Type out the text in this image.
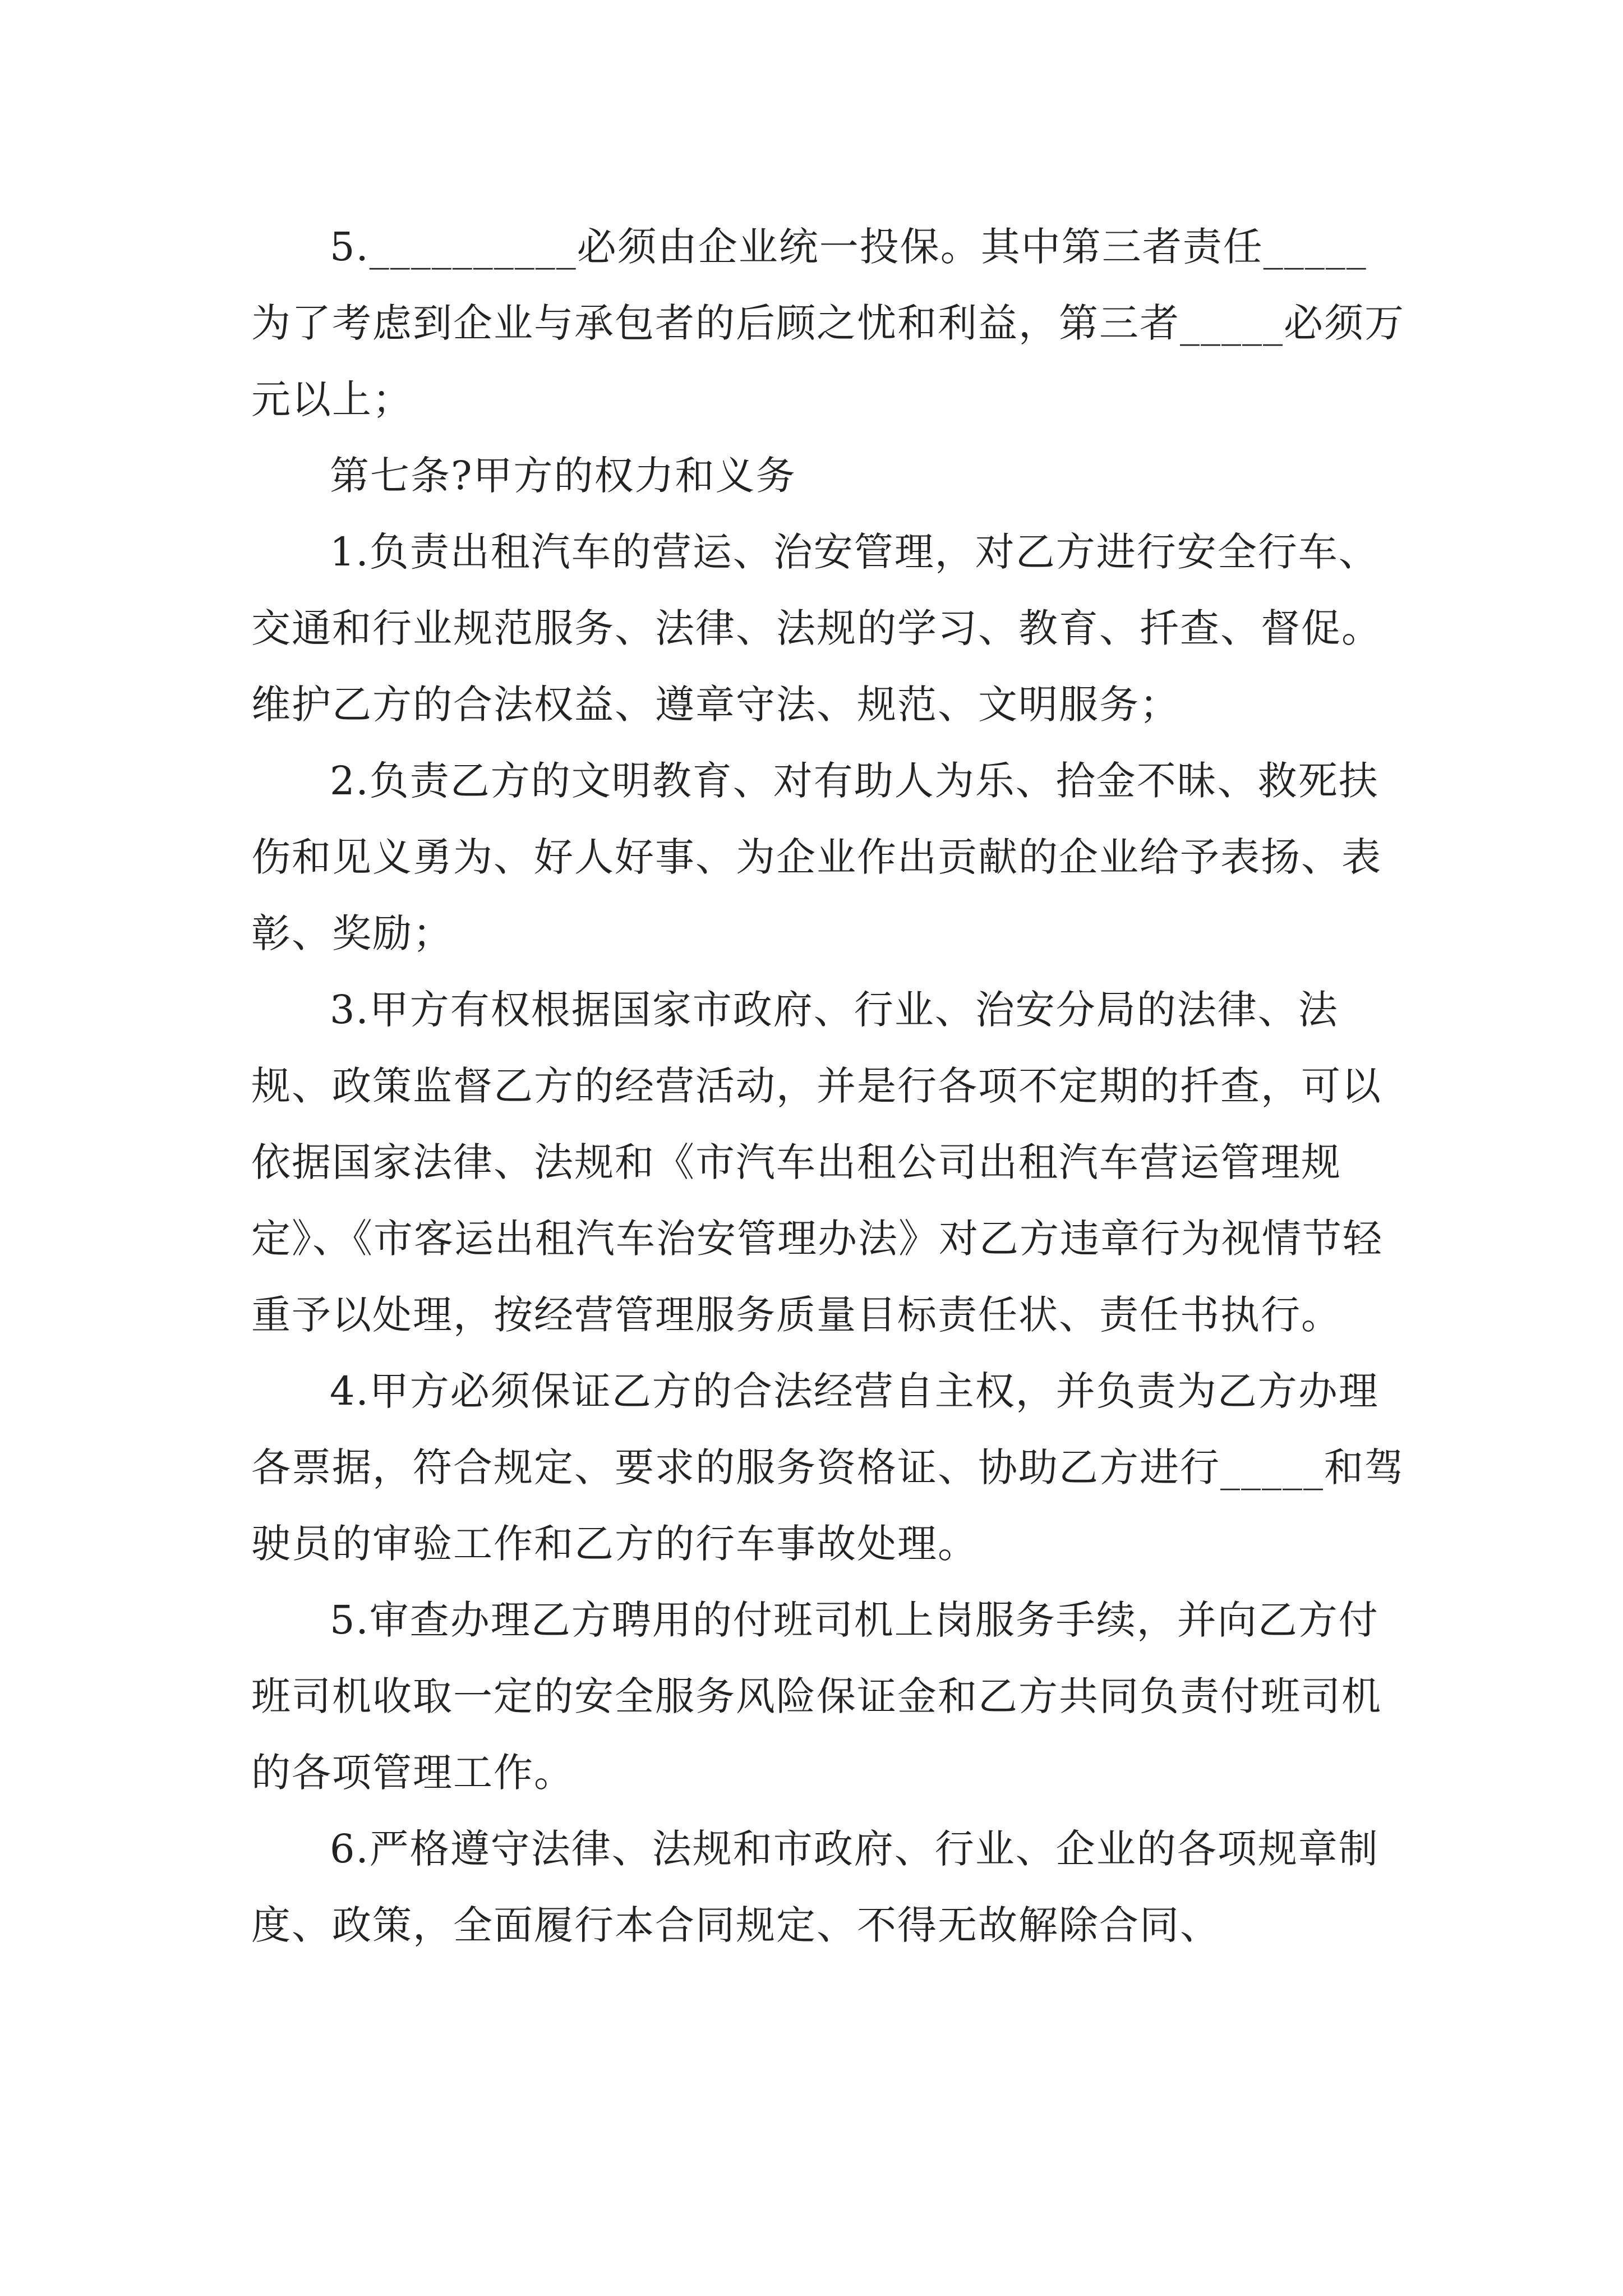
5.__________必须由企业统一投保。其中第三者责任_____为了考虑到企业与承包者的后顾之忧和利益，第三者_____必须万元以上；

第七条?甲方的权力和义务

1.负责出租汽车的营运、治安管理，对乙方进行安全行车、交通和行业规范服务、法律、法规的学习、教育、扦查、督促。维护乙方的合法权益、遵章守法、规范、文明服务；

2.负责乙方的文明教育、对有助人为乐、拾金不昧、救死扶伤和见义勇为、好人好事、为企业作出贡献的企业给予表扬、表彰、奖励；

3.甲方有权根据国家市政府、行业、治安分局的法律、法规、政策监督乙方的经营活动，并是行各项不定期的扦查，可以依据国家法律、法规和《市汽车出租公司出租汽车营运管理规定》、《市客运出租汽车治安管理办法》对乙方违章行为视情节轻重予以处理，按经营管理服务质量目标责任状、责任书执行。

4.甲方必须保证乙方的合法经营自主权，并负责为乙方办理各票据，符合规定、要求的服务资格证、协助乙方进行_____和驾驶员的审验工作和乙方的行车事故处理。

5.审查办理乙方聘用的付班司机上岗服务手续，并向乙方付班司机收取一定的安全服务风险保证金和乙方共同负责付班司机的各项管理工作。

6.严格遵守法律、法规和市政府、行业、企业的各项规章制度、政策，全面履行本合同规定、不得无故解除合同、
